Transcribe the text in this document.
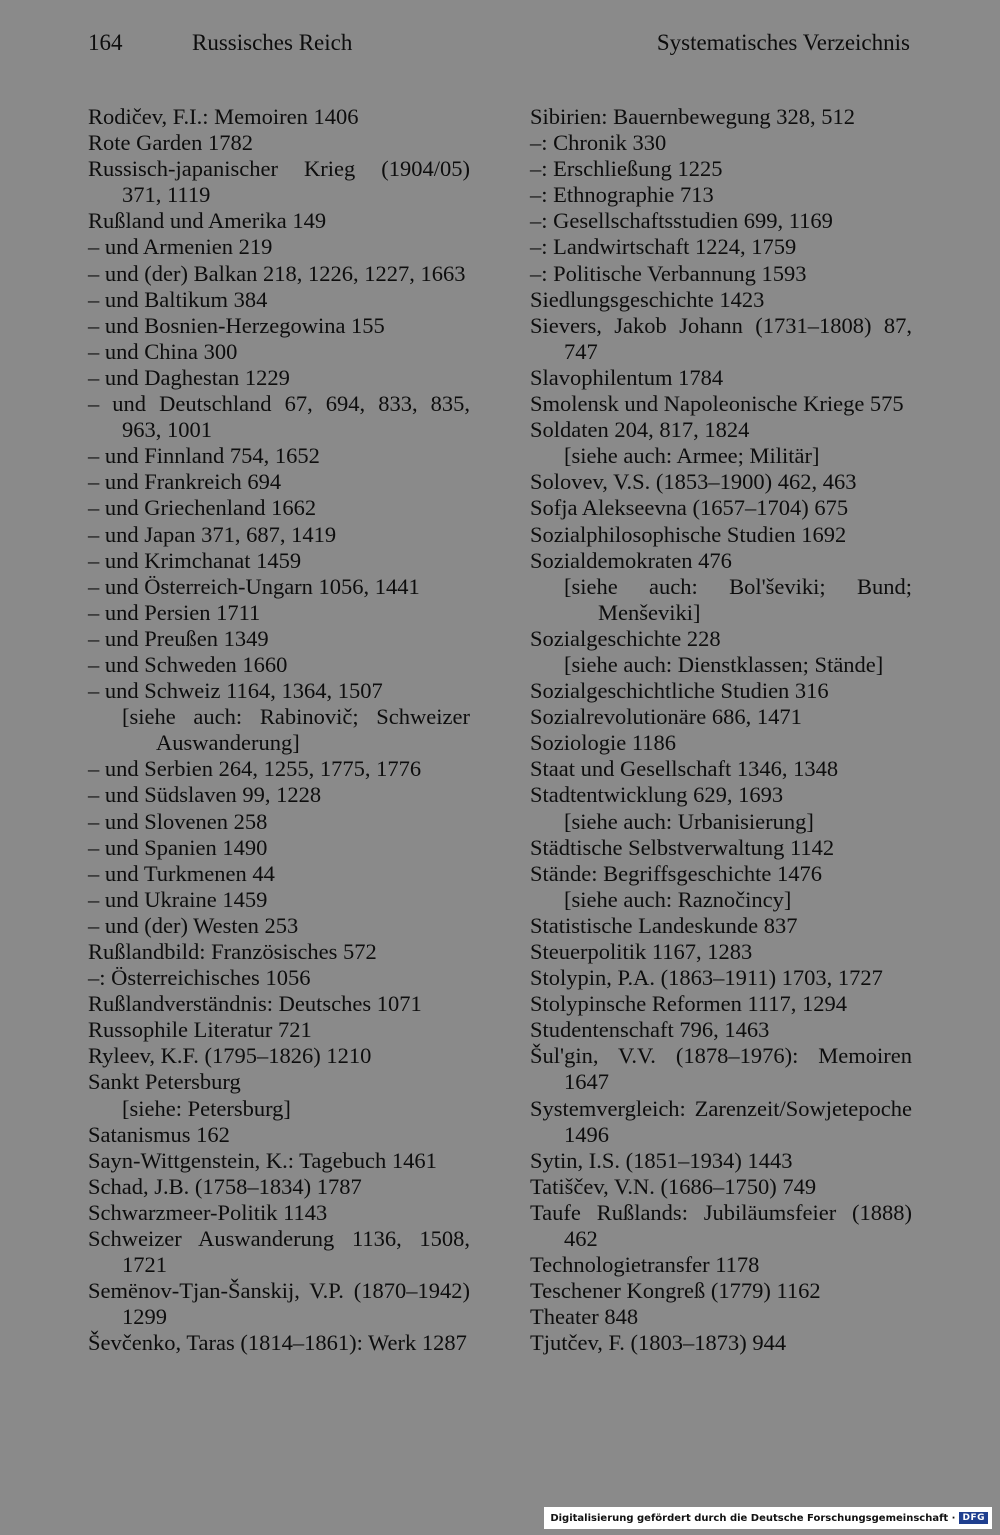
164	Russisches Reich	Systematisches Verzeichnis
Rodičev, F.I.: Memoiren 1406
Rote Garden 1782
Russisch-japanischer Krieg (1904/05) 371, 1119
Rußland und Amerika 149
– und Armenien 219
– und (der) Balkan 218, 1226, 1227, 1663
– und Baltikum 384
– und Bosnien-Herzegowina 155
– und China 300
– und Daghestan 1229
– und Deutschland 67, 694, 833, 835, 963, 1001
– und Finnland 754, 1652
– und Frankreich 694
– und Griechenland 1662
– und Japan 371, 687, 1419
– und Krimchanat 1459
– und Österreich-Ungarn 1056, 1441
– und Persien 1711
– und Preußen 1349
– und Schweden 1660
– und Schweiz 1164, 1364, 1507
[siehe auch: Rabinovič; Schweizer Auswanderung]
– und Serbien 264, 1255, 1775, 1776
– und Südslaven 99, 1228
– und Slovenen 258
– und Spanien 1490
– und Turkmenen 44
– und Ukraine 1459
– und (der) Westen 253
Rußlandbild: Französisches 572
–: Österreichisches 1056
Rußlandverständnis: Deutsches 1071
Russophile Literatur 721
Ryleev, K.F. (1795–1826) 1210
Sankt Petersburg
[siehe: Petersburg]
Satanismus 162
Sayn-Wittgenstein, K.: Tagebuch 1461
Schad, J.B. (1758–1834) 1787
Schwarzmeer-Politik 1143
Schweizer Auswanderung 1136, 1508, 1721
Semënov-Tjan-Šanskij, V.P. (1870–1942) 1299
Ševčenko, Taras (1814–1861): Werk 1287
Sibirien: Bauernbewegung 328, 512
–: Chronik 330
–: Erschließung 1225
–: Ethnographie 713
–: Gesellschaftsstudien 699, 1169
–: Landwirtschaft 1224, 1759
–: Politische Verbannung 1593
Siedlungsgeschichte 1423
Sievers, Jakob Johann (1731–1808) 87, 747
Slavophilentum 1784
Smolensk und Napoleonische Kriege 575
Soldaten 204, 817, 1824
[siehe auch: Armee; Militär]
Solovev, V.S. (1853–1900) 462, 463
Sofja Alekseevna (1657–1704) 675
Sozialphilosophische Studien 1692
Sozialdemokraten 476
[siehe auch: Bol'ševiki; Bund; Menševiki]
Sozialgeschichte 228
[siehe auch: Dienstklassen; Stände]
Sozialgeschichtliche Studien 316
Sozialrevolutionäre 686, 1471
Soziologie 1186
Staat und Gesellschaft 1346, 1348
Stadtentwicklung 629, 1693
[siehe auch: Urbanisierung]
Städtische Selbstverwaltung 1142
Stände: Begriffsgeschichte 1476
[siehe auch: Raznočincy]
Statistische Landeskunde 837
Steuerpolitik 1167, 1283
Stolypin, P.A. (1863–1911) 1703, 1727
Stolypinsche Reformen 1117, 1294
Studentenschaft 796, 1463
Šul'gin, V.V. (1878–1976): Memoiren 1647
Systemvergleich: Zarenzeit/Sowjetepoche 1496
Sytin, I.S. (1851–1934) 1443
Tatiščev, V.N. (1686–1750) 749
Taufe Rußlands: Jubiläumsfeier (1888) 462
Technologietransfer 1178
Teschener Kongreß (1779) 1162
Theater 848
Tjutčev, F. (1803–1873) 944
Digitalisierung gefördert durch die Deutsche Forschungsgemeinschaft · DFG
